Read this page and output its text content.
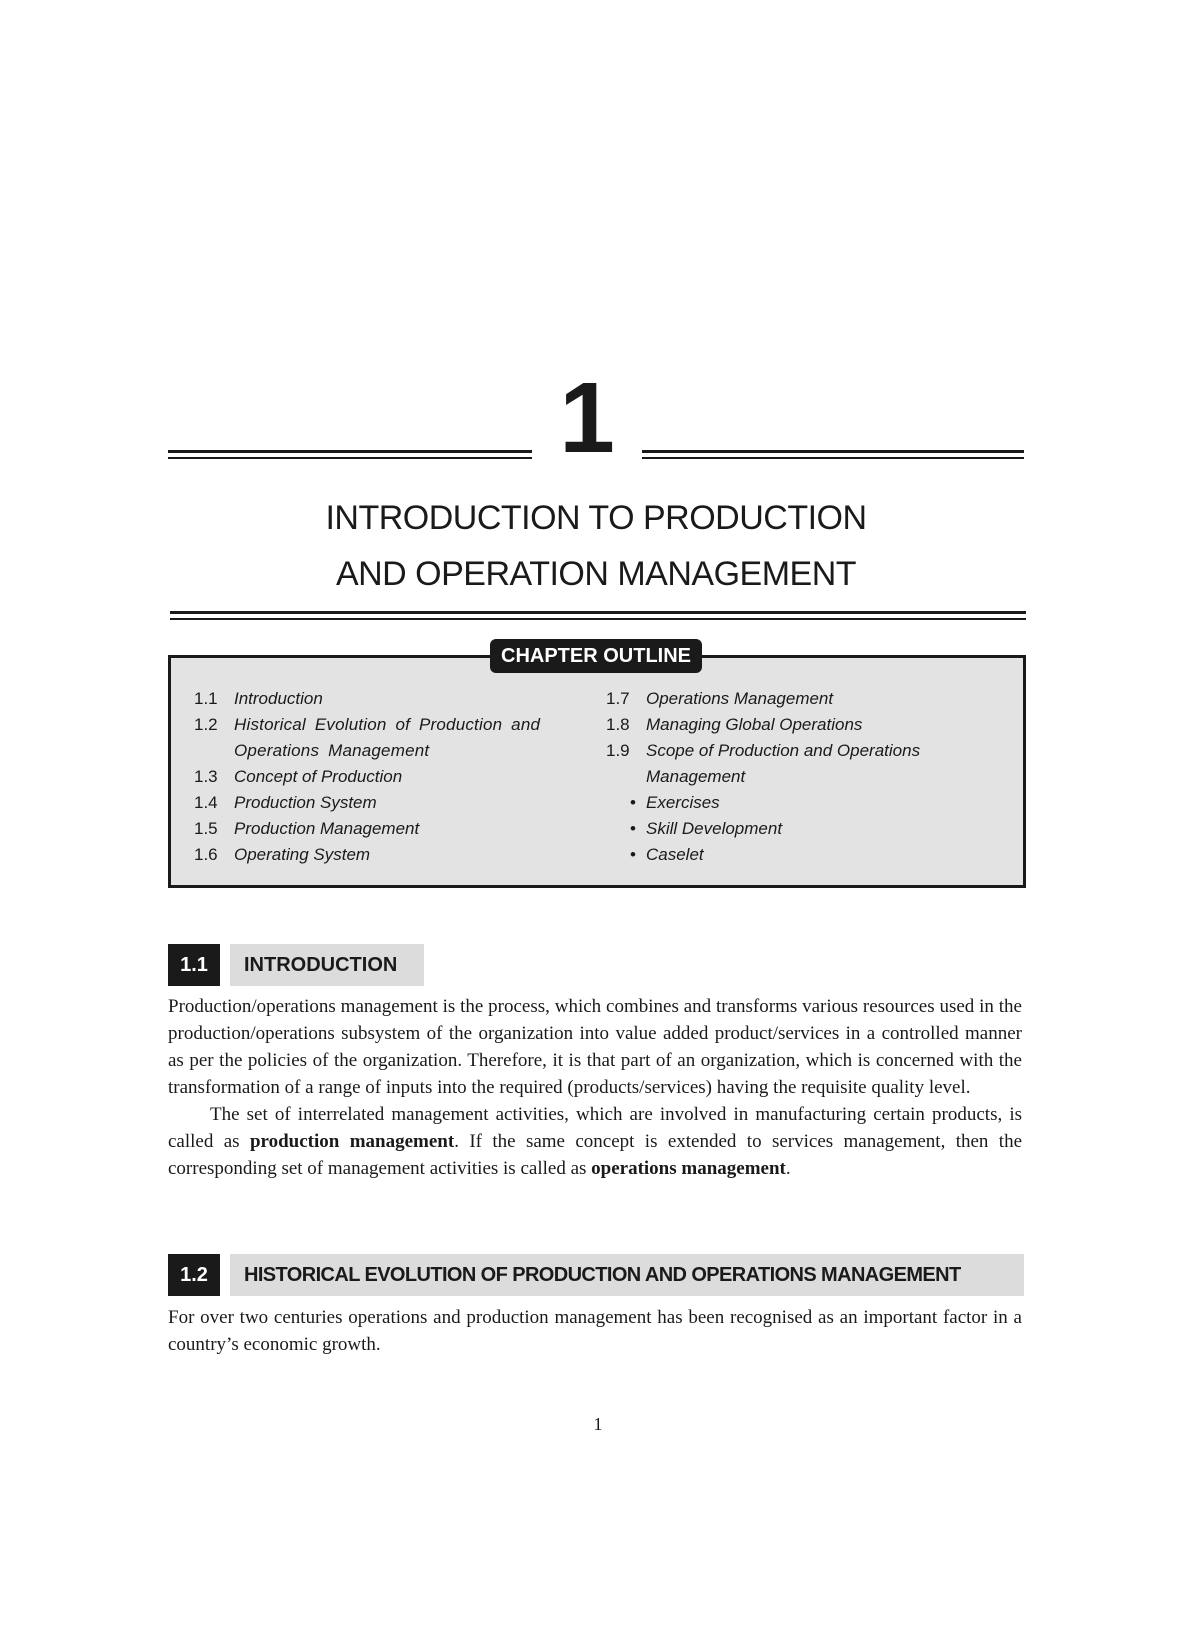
1
INTRODUCTION TO PRODUCTION
AND OPERATION MANAGEMENT
CHAPTER OUTLINE
1.1 Introduction
1.2 Historical Evolution of Production and Operations Management
1.3 Concept of Production
1.4 Production System
1.5 Production Management
1.6 Operating System
1.7 Operations Management
1.8 Managing Global Operations
1.9 Scope of Production and Operations Management
• Exercises
• Skill Development
• Caselet
1.1	INTRODUCTION

Production/operations management is the process, which combines and transforms various resources used in the production/operations subsystem of the organization into value added product/services in a controlled manner as per the policies of the organization. Therefore, it is that part of an organization, which is concerned with the transformation of a range of inputs into the required (products/services) having the requisite quality level.

The set of interrelated management activities, which are involved in manufacturing certain products, is called as production management. If the same concept is extended to services management, then the corresponding set of management activities is called as operations management.

1.2	HISTORICAL EVOLUTION OF PRODUCTION AND OPERATIONS MANAGEMENT

For over two centuries operations and production management has been recognised as an important factor in a country’s economic growth.

1
